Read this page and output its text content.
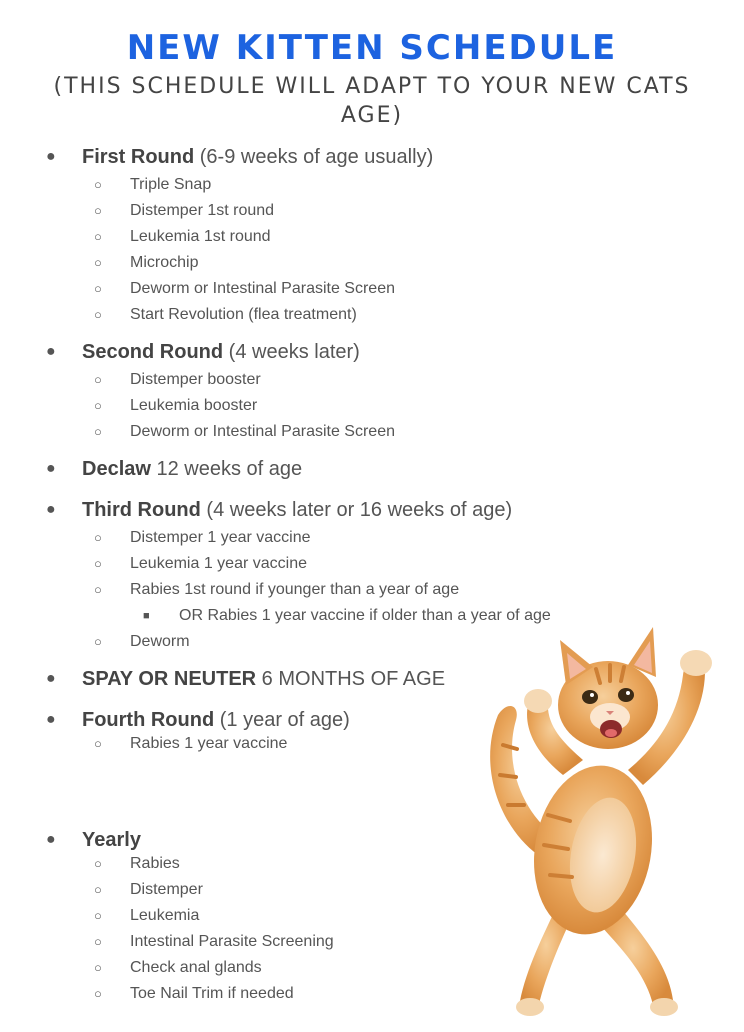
NEW KITTEN SCHEDULE
(THIS SCHEDULE WILL ADAPT TO YOUR NEW CATS AGE)
● First Round (6-9 weeks of age usually)
○ Triple Snap
○ Distemper 1st round
○ Leukemia 1st round
○ Microchip
○ Deworm or Intestinal Parasite Screen
○ Start Revolution (flea treatment)
● Second Round (4 weeks later)
○ Distemper booster
○ Leukemia booster
○ Deworm or Intestinal Parasite Screen
● Declaw 12 weeks of age
● Third Round (4 weeks later or 16 weeks of age)
○ Distemper 1 year vaccine
○ Leukemia 1 year vaccine
○ Rabies 1st round if younger than a year of age
■ OR Rabies 1 year vaccine if older than a year of age
○ Deworm
● SPAY OR NEUTER 6 MONTHS OF AGE
● Fourth Round (1 year of age)
○ Rabies 1 year vaccine
● Yearly
○ Rabies
○ Distemper
○ Leukemia
○ Intestinal Parasite Screening
○ Check anal glands
○ Toe Nail Trim if needed
